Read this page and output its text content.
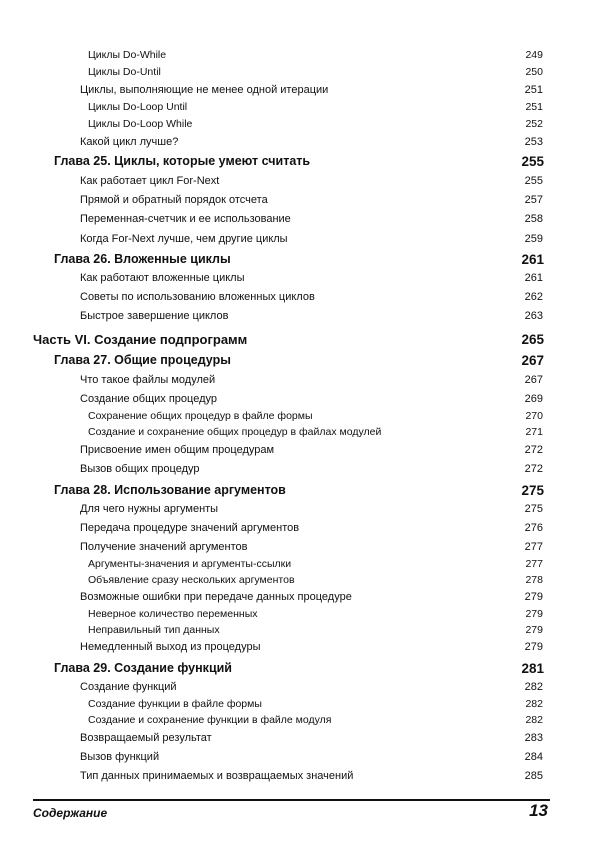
Циклы Do-While	249
Циклы Do-Until	250
Циклы, выполняющие не менее одной итерации	251
Циклы Do-Loop Until	251
Циклы Do-Loop While	252
Какой цикл лучше?	253
Глава 25. Циклы, которые умеют считать	255
Как работает цикл For-Next	255
Прямой и обратный порядок отсчета	257
Переменная-счетчик и ее использование	258
Когда For-Next лучше, чем другие циклы	259
Глава 26. Вложенные циклы	261
Как работают вложенные циклы	261
Советы по использованию вложенных циклов	262
Быстрое завершение циклов	263
Часть VI. Создание подпрограмм	265
Глава 27. Общие процедуры	267
Что такое файлы модулей	267
Создание общих процедур	269
Сохранение общих процедур в файле формы	270
Создание и сохранение общих процедур в файлах модулей	271
Присвоение имен общим процедурам	272
Вызов общих процедур	272
Глава 28. Использование аргументов	275
Для чего нужны аргументы	275
Передача процедуре значений аргументов	276
Получение значений аргументов	277
Аргументы-значения и аргументы-ссылки	277
Объявление сразу нескольких аргументов	278
Возможные ошибки при передаче данных процедуре	279
Неверное количество переменных	279
Неправильный тип данных	279
Немедленный выход из процедуры	279
Глава 29. Создание функций	281
Создание функций	282
Создание функции в файле формы	282
Создание и сохранение функции в файле модуля	282
Возвращаемый результат	283
Вызов функций	284
Тип данных принимаемых и возвращаемых значений	285
Содержание	13
